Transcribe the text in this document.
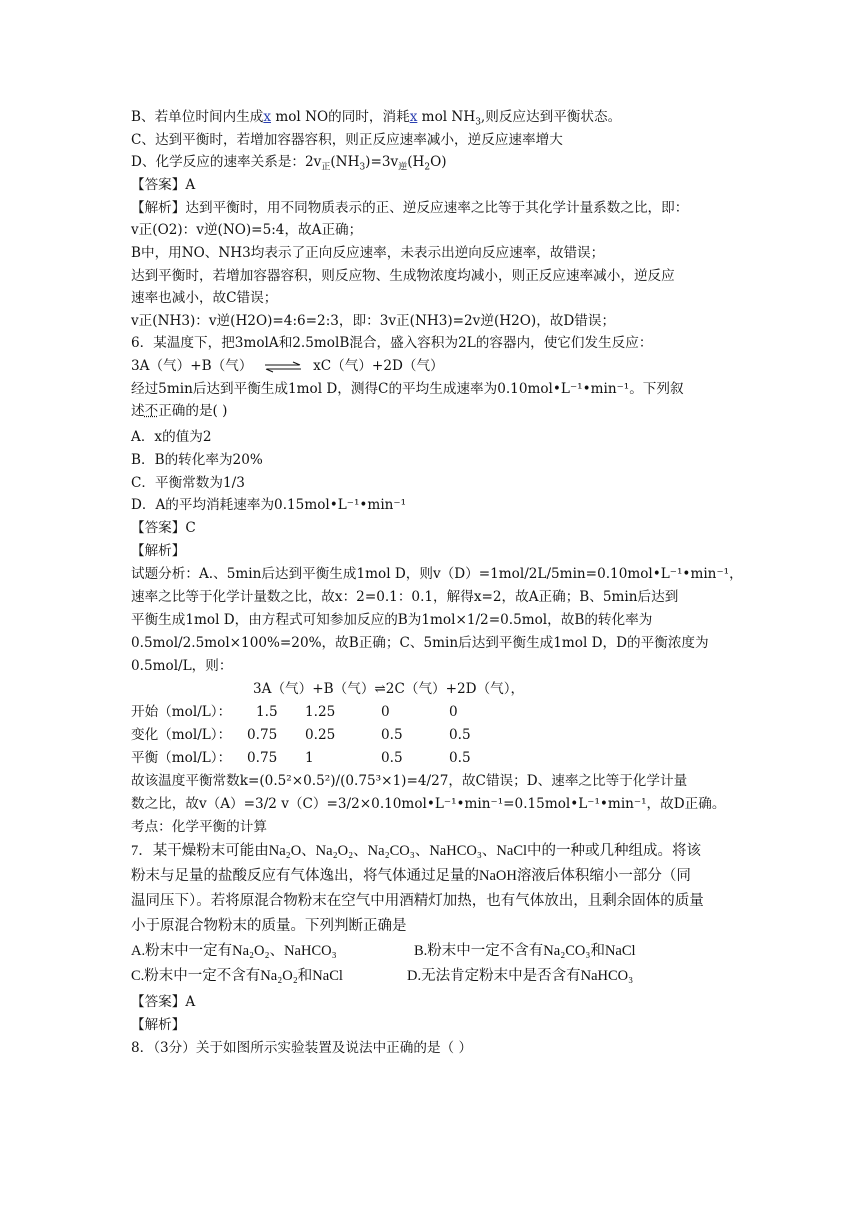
B、若单位时间内生成x mol NO的同时，消耗x mol $NH_3$,则反应达到平衡状态。
C、达到平衡时，若增加容器容积，则正反应速率减小，逆反应速率增大
D、化学反应的速率关系是：$2v_正(NH_3)=3v_逆(H_2O)$
【答案】A
【解析】达到平衡时，用不同物质表示的正、逆反应速率之比等于其化学计量系数之比，即：
v正(O2)：v逆(NO)=5:4，故A正确；
B中，用NO、NH3均表示了正向反应速率，未表示出逆向反应速率，故错误；
达到平衡时，若增加容器容积，则反应物、生成物浓度均减小，则正反应速率减小，逆反应
速率也减小，故C错误；
v正(NH3)：v逆(H2O)=4:6=2:3，即：3v正(NH3)=2v逆(H2O)，故D错误；
6．某温度下，把3molA和2.5molB混合，盛入容积为2L的容器内，使它们发生反应：
3A（气）+B（气） ⇌ xC（气）+2D（气）
经过5min后达到平衡生成1mol D，测得C的平均生成速率为0.10mol•L⁻¹•min⁻¹。下列叙
述不正确的是( )
A．x的值为2
B．B的转化率为20%
C．平衡常数为1/3
D．A的平均消耗速率为0.15mol•L⁻¹•min⁻¹
【答案】C
【解析】
试题分析：A.、5min后达到平衡生成1mol D，则v（D）=1mol/2L/5min=0.10mol•L⁻¹•min⁻¹，
速率之比等于化学计量数之比，故x：2=0.1：0.1，解得x=2，故A正确；B、5min后达到
平衡生成1mol D，由方程式可知参加反应的B为1mol×1/2=0.5mol，故B的转化率为
0.5mol/2.5mol×100%=20%，故B正确；C、5min后达到平衡生成1mol D，D的平衡浓度为
0.5mol/L，则：
3A（气）+B（气）⇌2C（气）+2D（气），
开始（mol/L）： 1.5 1.25	0	0
变化（mol/L）： 0.75 0.25	0.5	0.5
平衡（mol/L）： 0.75 1	0.5	0.5
故该温度平衡常数k=(0.5²×0.5²)/(0.75³×1)=4/27，故C错误；D、速率之比等于化学计量
数之比，故v（A）=3/2 v（C）=3/2×0.10mol•L⁻¹•min⁻¹=0.15mol•L⁻¹•min⁻¹，故D正确。
考点：化学平衡的计算
7．某干燥粉末可能由Na₂O、Na₂O₂、Na₂CO₃、NaHCO₃、NaCl中的一种或几种组成。将该
粉末与足量的盐酸反应有气体逸出，将气体通过足量的NaOH溶液后体积缩小一部分（同
温同压下）。若将原混合物粉末在空气中用酒精灯加热，也有气体放出，且剩余固体的质量
小于原混合物粉末的质量。下列判断正确是
A.粉末中一定有Na₂O₂、NaHCO₃	B.粉末中一定不含有Na₂CO₃和NaCl
C.粉末中一定不含有Na₂O₂和NaCl	D.无法肯定粉末中是否含有NaHCO₃
【答案】A
【解析】
8．（3分）关于如图所示实验装置及说法中正确的是（ ）
